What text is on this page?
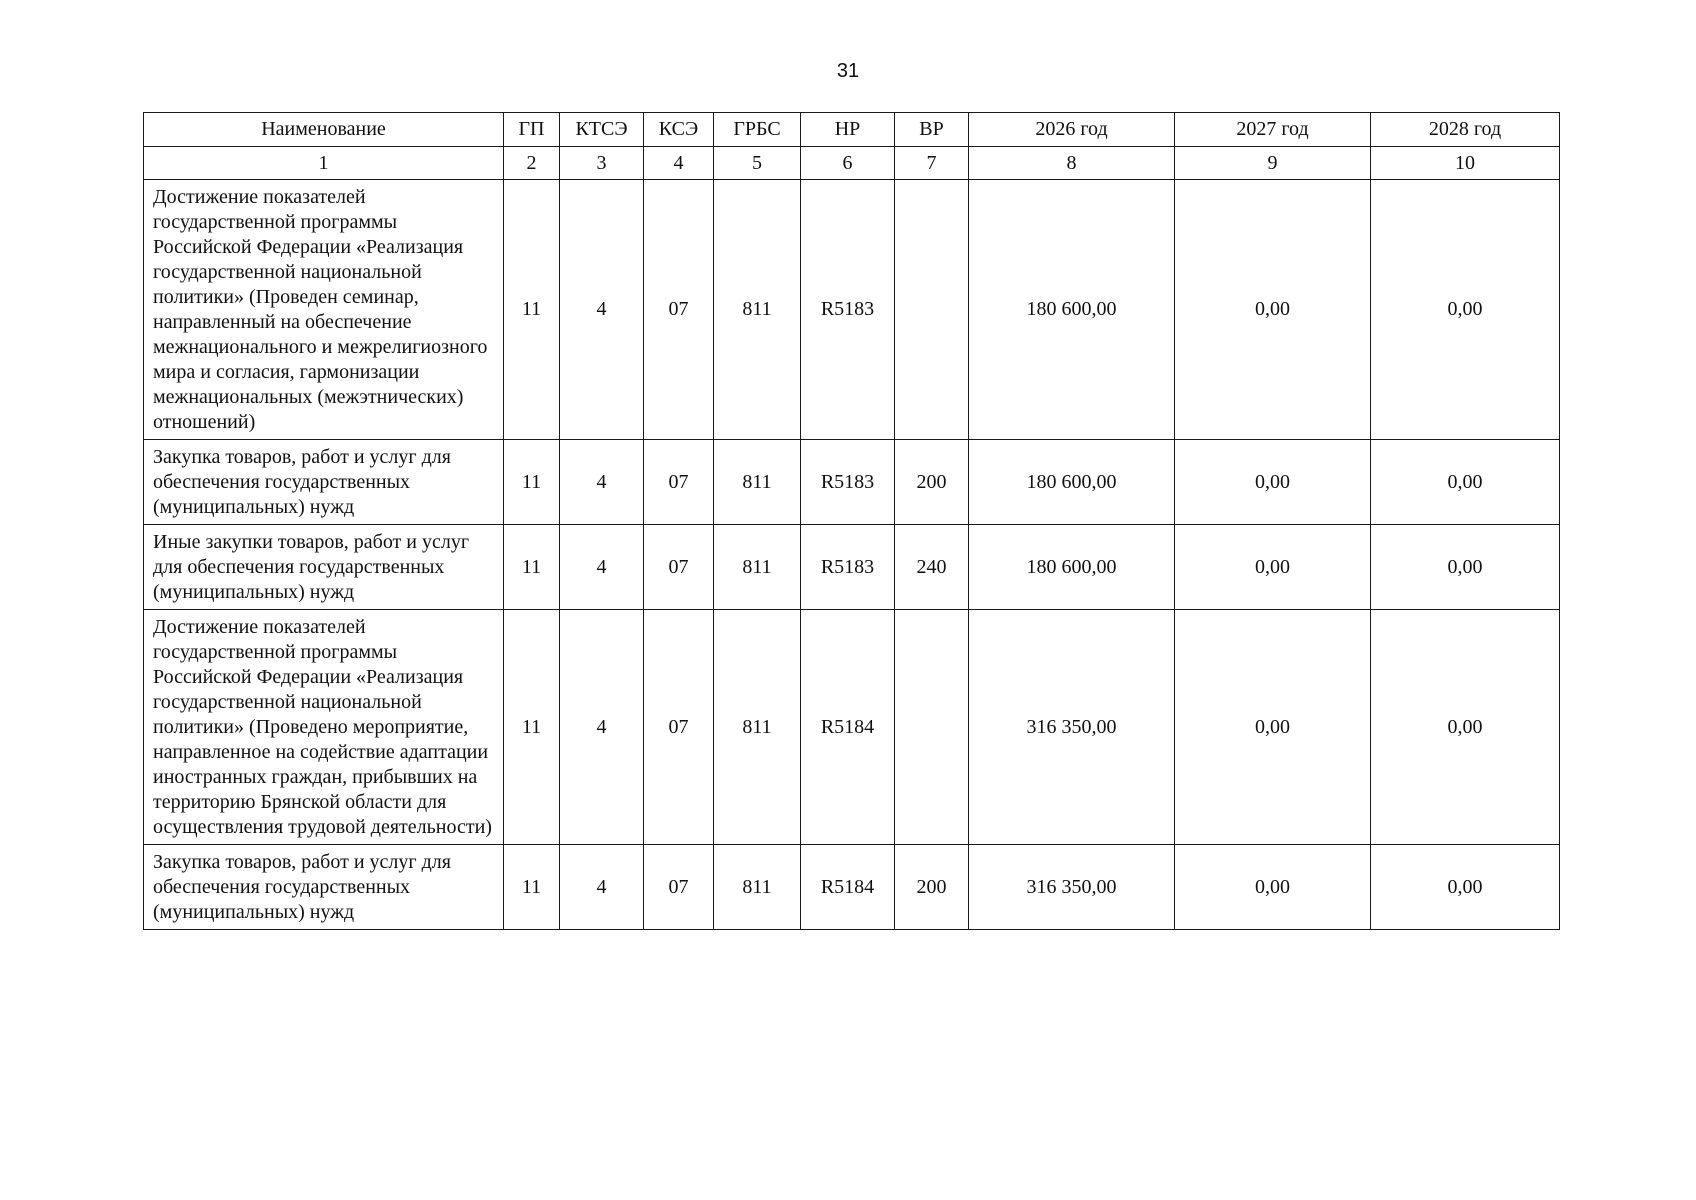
31
Наименование	ГП	КТСЭ	КСЭ	ГРБС	НР	ВР	2026 год	2027 год	2028 год
1	2	3	4	5	6	7	8	9	10
Достижение показателей государственной программы Российской Федерации «Реализация государственной национальной политики» (Проведен семинар, направленный на обеспечение межнационального и межрелигиозного мира и согласия, гармонизации межнациональных (межэтнических) отношений)	11	4	07	811	R5183		180 600,00	0,00	0,00
Закупка товаров, работ и услуг для обеспечения государственных (муниципальных) нужд	11	4	07	811	R5183	200	180 600,00	0,00	0,00
Иные закупки товаров, работ и услуг для обеспечения государственных (муниципальных) нужд	11	4	07	811	R5183	240	180 600,00	0,00	0,00
Достижение показателей государственной программы Российской Федерации «Реализация государственной национальной политики» (Проведено мероприятие, направленное на содействие адаптации иностранных граждан, прибывших на территорию Брянской области для осуществления трудовой деятельности)	11	4	07	811	R5184		316 350,00	0,00	0,00
Закупка товаров, работ и услуг для обеспечения государственных (муниципальных) нужд	11	4	07	811	R5184	200	316 350,00	0,00	0,00
